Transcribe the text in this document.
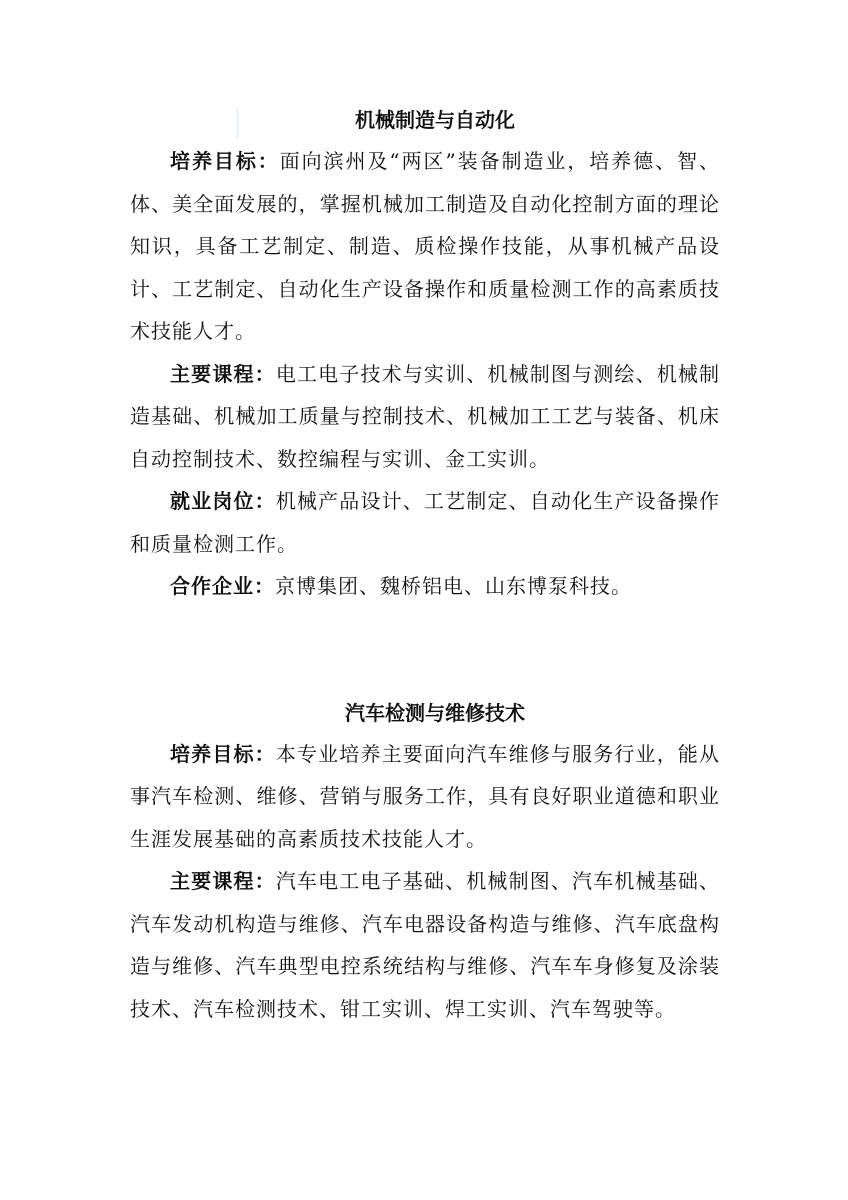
机械制造与自动化

培养目标：面向滨州及“两区”装备制造业，培养德、智、体、美全面发展的，掌握机械加工制造及自动化控制方面的理论知识，具备工艺制定、制造、质检操作技能，从事机械产品设计、工艺制定、自动化生产设备操作和质量检测工作的高素质技术技能人才。

主要课程：电工电子技术与实训、机械制图与测绘、机械制造基础、机械加工质量与控制技术、机械加工工艺与装备、机床自动控制技术、数控编程与实训、金工实训。

就业岗位：机械产品设计、工艺制定、自动化生产设备操作和质量检测工作。

合作企业：京博集团、魏桥铝电、山东博泵科技。

汽车检测与维修技术

培养目标：本专业培养主要面向汽车维修与服务行业，能从事汽车检测、维修、营销与服务工作，具有良好职业道德和职业生涯发展基础的高素质技术技能人才。

主要课程：汽车电工电子基础、机械制图、汽车机械基础、汽车发动机构造与维修、汽车电器设备构造与维修、汽车底盘构造与维修、汽车典型电控系统结构与维修、汽车车身修复及涂装技术、汽车检测技术、钳工实训、焊工实训、汽车驾驶等。
